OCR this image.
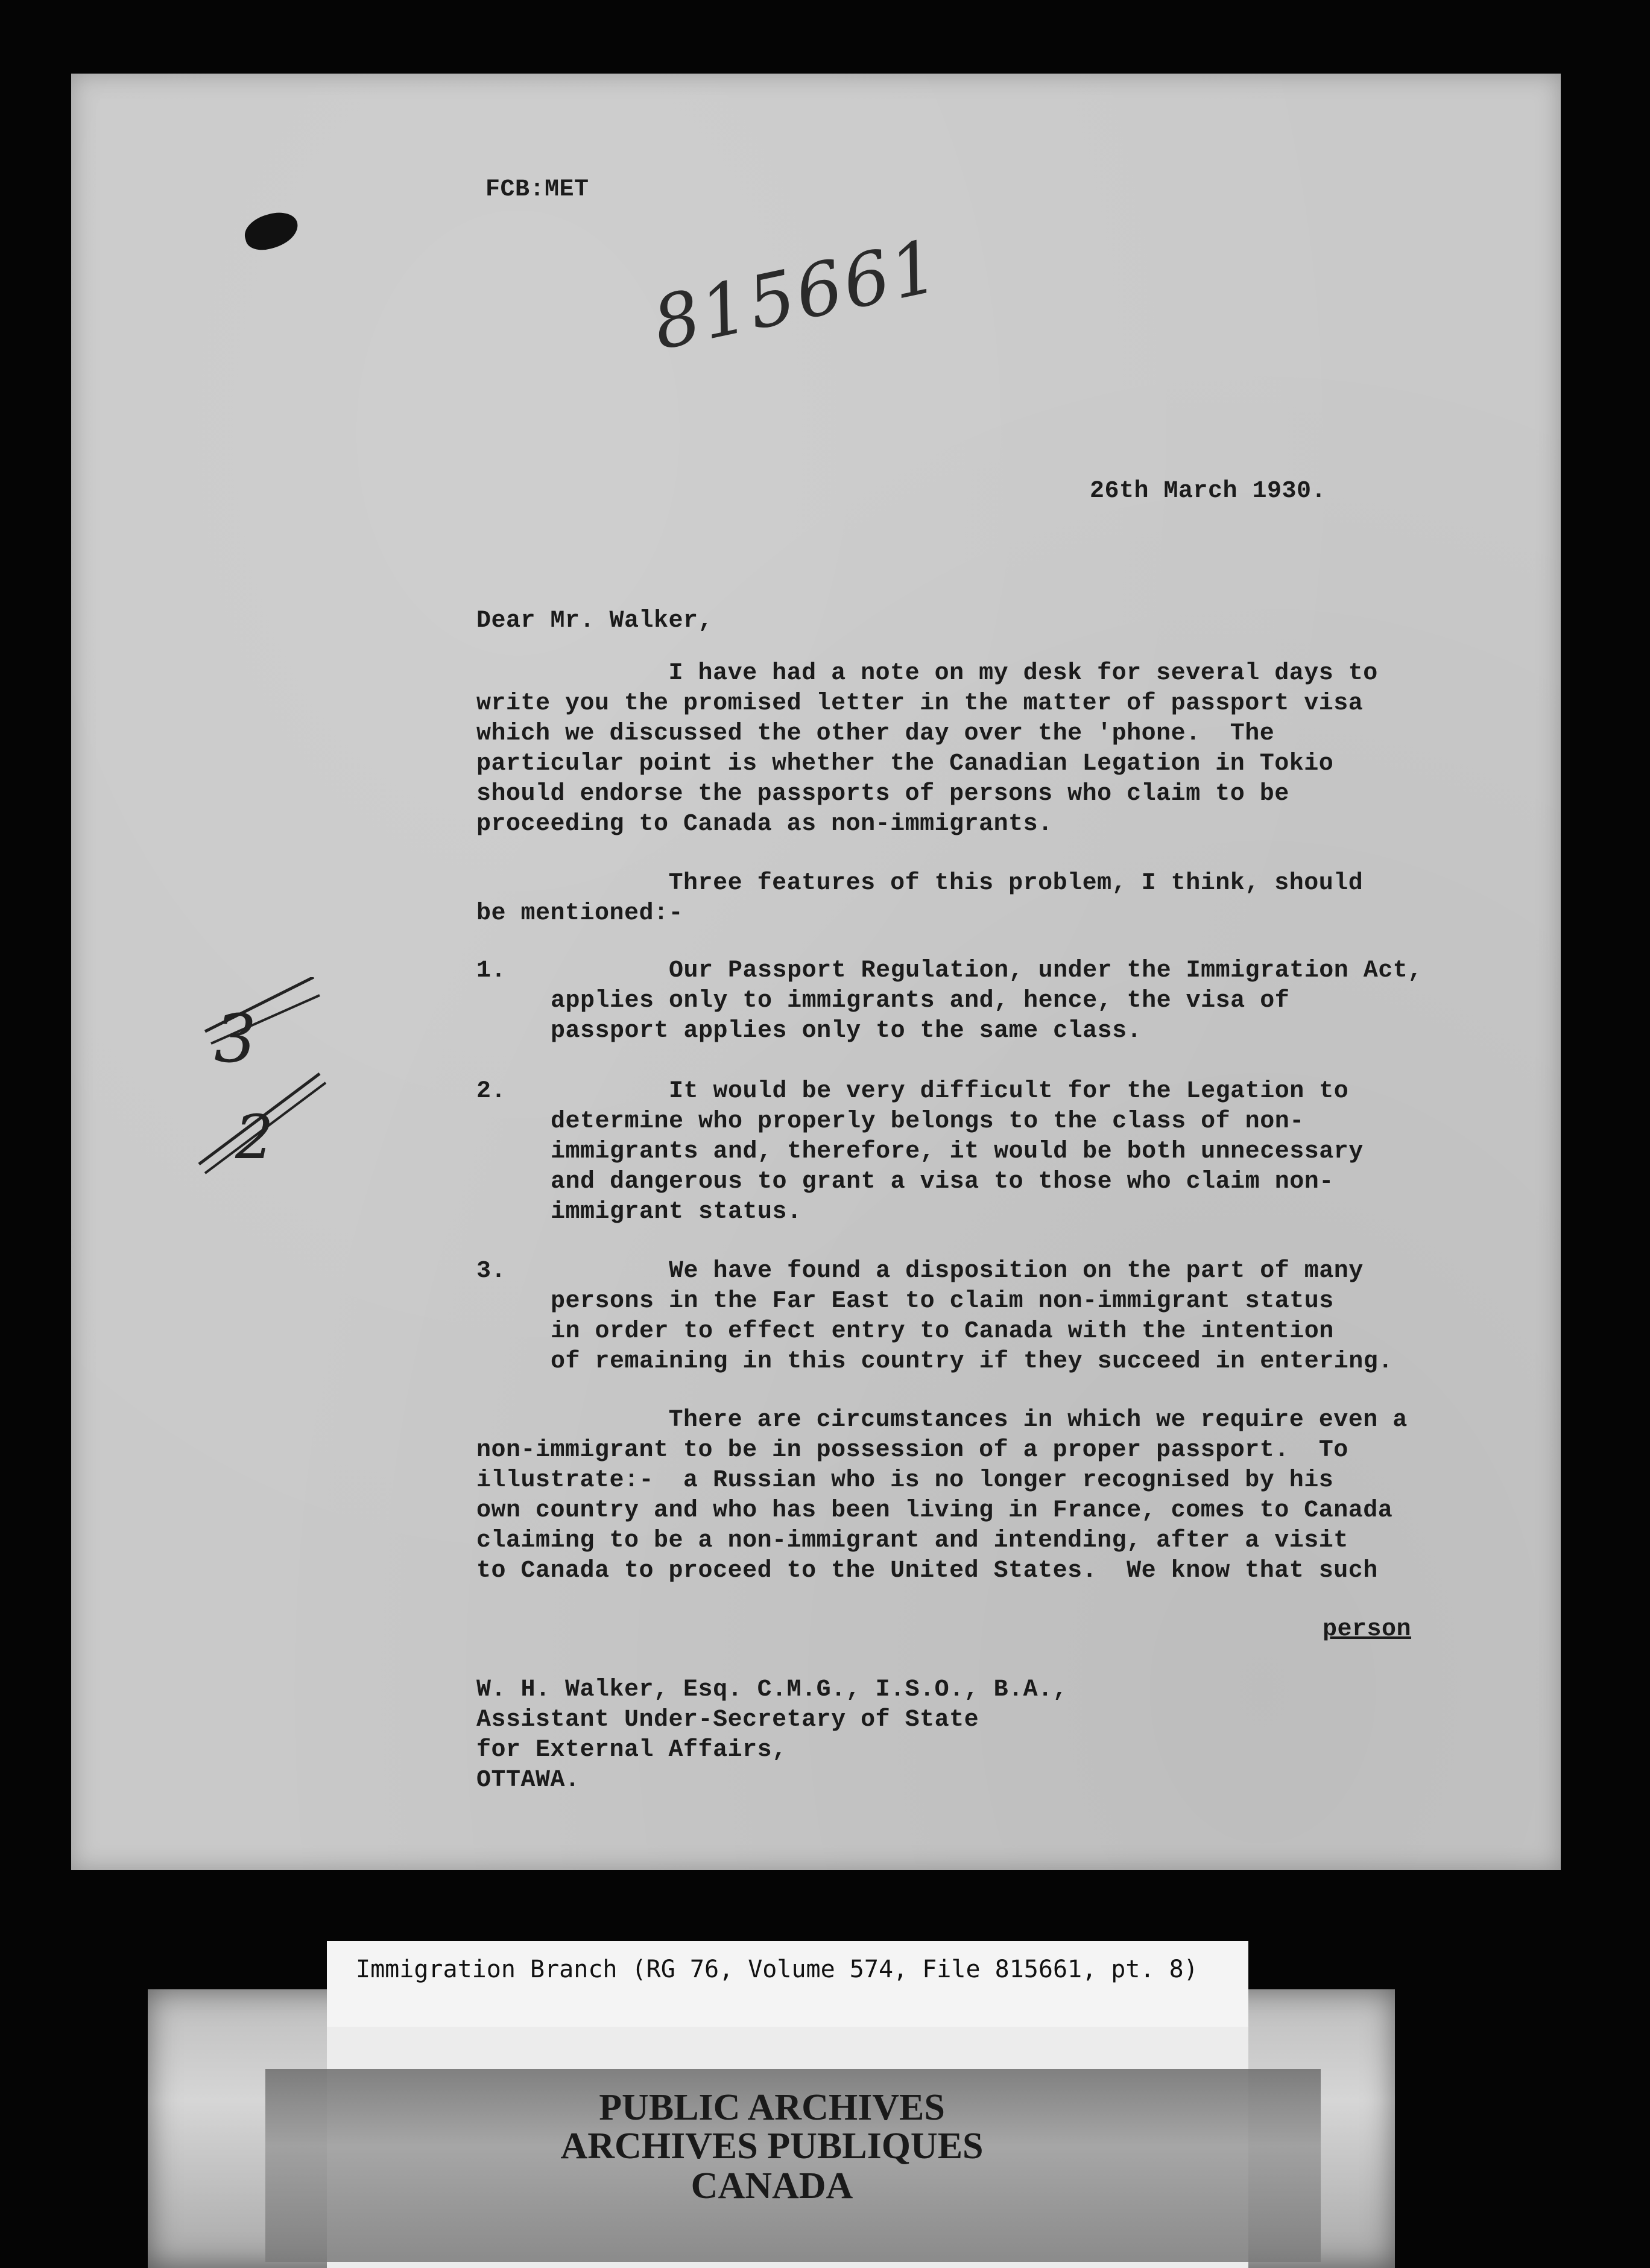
815661
FCB:MET
26th March 1930.
Dear Mr. Walker,
I have had a note on my desk for several days to
write you the promised letter in the matter of passport visa
which we discussed the other day over the 'phone.  The
particular point is whether the Canadian Legation in Tokio
should endorse the passports of persons who claim to be
proceeding to Canada as non-immigrants.
Three features of this problem, I think, should
be mentioned:-
1.	Our Passport Regulation, under the Immigration Act,
applies only to immigrants and, hence, the visa of
passport applies only to the same class.
2.	It would be very difficult for the Legation to
determine who properly belongs to the class of non-
immigrants and, therefore, it would be both unnecessary
and dangerous to grant a visa to those who claim non-
immigrant status.
3.	We have found a disposition on the part of many
persons in the Far East to claim non-immigrant status
in order to effect entry to Canada with the intention
of remaining in this country if they succeed in entering.
There are circumstances in which we require even a
non-immigrant to be in possession of a proper passport.  To
illustrate:-  a Russian who is no longer recognised by his
own country and who has been living in France, comes to Canada
claiming to be a non-immigrant and intending, after a visit
to Canada to proceed to the United States.  We know that such
person
W. H. Walker, Esq. C.M.G., I.S.O., B.A.,
Assistant Under-Secretary of State
for External Affairs,
OTTAWA.
3
2
Immigration Branch (RG 76, Volume 574, File 815661, pt. 8)
PUBLIC ARCHIVES
ARCHIVES PUBLIQUES
CANADA
